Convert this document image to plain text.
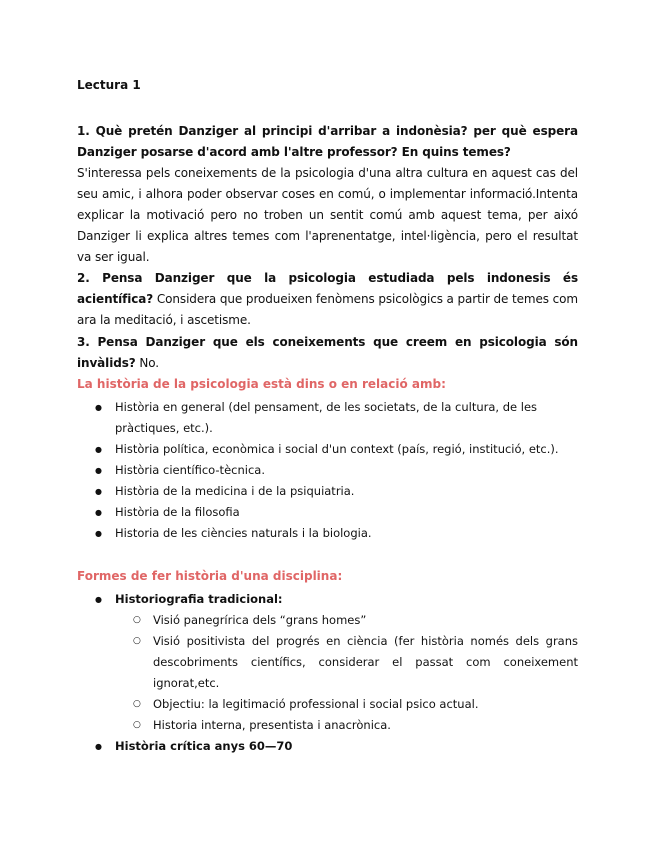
Lectura 1
1. Què pretén Danziger al principi d'arribar a indonèsia? per què espera Danziger posarse d'acord amb l'altre professor? En quins temes?
S'interessa pels coneixements de la psicologia d'una altra cultura en aquest cas del seu amic, i alhora poder observar coses en comú, o implementar informació.Intenta explicar la motivació pero no troben un sentit comú amb aquest tema, per aixó Danziger li explica altres temes com l'aprenentatge, intel·ligència, pero el resultat va ser igual.
2. Pensa Danziger que la psicologia estudiada pels indonesis és acientífica? Considera que produeixen fenòmens psicològics a partir de temes com ara la meditació, i ascetisme.
3. Pensa Danziger que els coneixements que creem en psicologia són invàlids? No.
La història de la psicologia està dins o en relació amb:
● Història en general (del pensament, de les societats, de la cultura, de les pràctiques, etc.).
● Història política, econòmica i social d'un context (país, regió, institució, etc.).
● Història científico-tècnica.
● Història de la medicina i de la psiquiatria.
● Història de la filosofia
● Historia de les ciències naturals i la biologia.
Formes de fer història d'una disciplina:
● Historiografia tradicional:
○ Visió panegrírica dels “grans homes”
○ Visió positivista del progrés en ciència (fer història només dels grans descobriments científics, considerar el passat com coneixement ignorat,etc.
○ Objectiu: la legitimació professional i social psico actual.
○ Historia interna, presentista i anacrònica.
● Història crítica anys 60—70
